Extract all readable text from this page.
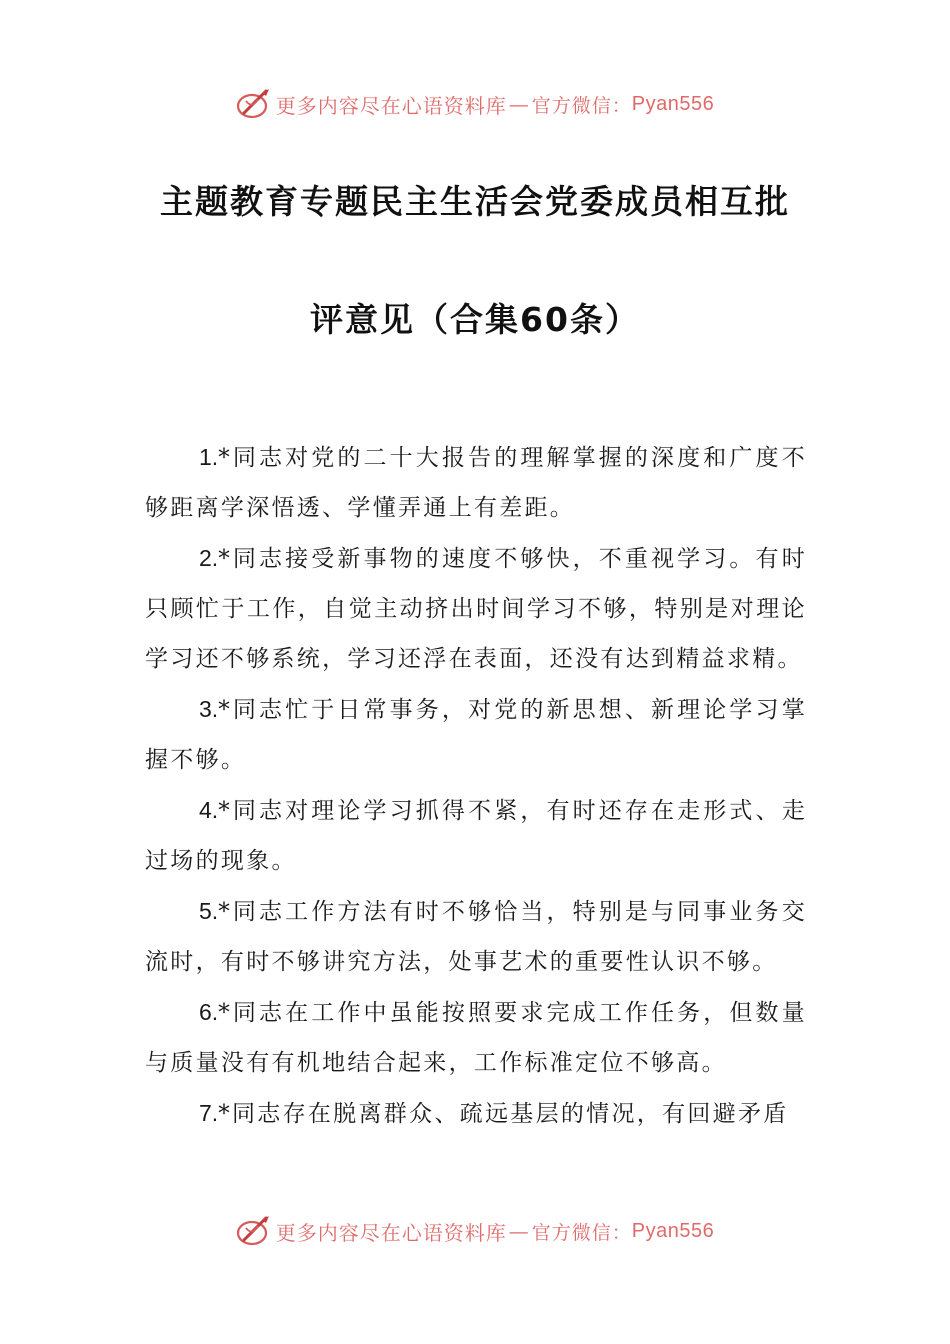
更多内容尽在心语资料库 — 官方微信： Pyan556
主题教育专题民主生活会党委成员相互批
评意见（合集60条）

1.*同志对党的二十大报告的理解掌握的深度和广度不够距离学深悟透、学懂弄通上有差距。

2.*同志接受新事物的速度不够快，不重视学习。有时只顾忙于工作，自觉主动挤出时间学习不够，特别是对理论学习还不够系统，学习还浮在表面，还没有达到精益求精。

3.*同志忙于日常事务，对党的新思想、新理论学习掌握不够。

4.*同志对理论学习抓得不紧，有时还存在走形式、走过场的现象。

5.*同志工作方法有时不够恰当，特别是与同事业务交流时，有时不够讲究方法，处事艺术的重要性认识不够。

6.*同志在工作中虽能按照要求完成工作任务，但数量与质量没有有机地结合起来，工作标准定位不够高。

7.*同志存在脱离群众、疏远基层的情况，有回避矛盾

更多内容尽在心语资料库 — 官方微信： Pyan556
